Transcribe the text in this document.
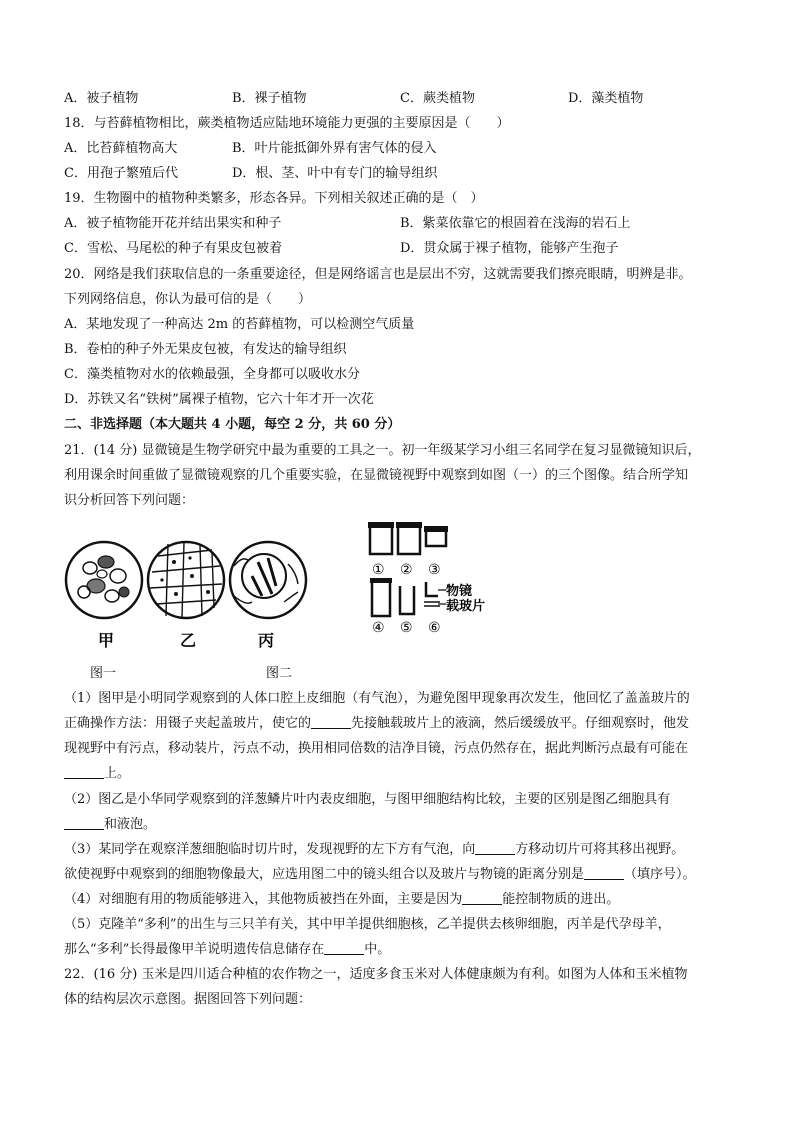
A．被子植物	B．裸子植物	C．蕨类植物	D．藻类植物
18．与苔藓植物相比，蕨类植物适应陆地环境能力更强的主要原因是（　　）
A．比苔藓植物高大	B．叶片能抵御外界有害气体的侵入
C．用孢子繁殖后代	D．根、茎、叶中有专门的输导组织
19．生物圈中的植物种类繁多，形态各异。下列相关叙述正确的是（　）
A．被子植物能开花并结出果实和种子	B．紫菜依靠它的根固着在浅海的岩石上
C．雪松、马尾松的种子有果皮包被着	D．贯众属于裸子植物，能够产生孢子
20．网络是我们获取信息的一条重要途径，但是网络谣言也是层出不穷，这就需要我们擦亮眼睛，明辨是非。
下列网络信息，你认为最可信的是（　　）
A．某地发现了一种高达 2m 的苔藓植物，可以检测空气质量
B．卷柏的种子外无果皮包被，有发达的输导组织
C．藻类植物对水的依赖最强，全身都可以吸收水分
D．苏铁又名“铁树”属裸子植物，它六十年才开一次花
二、非选择题（本大题共 4 小题，每空 2 分，共 60 分）
21．(14 分) 显微镜是生物学研究中最为重要的工具之一。初一年级某学习小组三名同学在复习显微镜知识后，
利用课余时间重做了显微镜观察的几个重要实验，在显微镜视野中观察到如图（一）的三个图像。结合所学知
识分析回答下列问题：
甲	乙	丙
① ② ③
物镜
载玻片
④ ⑤ ⑥
图一	图二
（1）图甲是小明同学观察到的人体口腔上皮细胞（有气泡），为避免图甲现象再次发生，他回忆了盖盖玻片的
正确操作方法：用镊子夹起盖玻片，使它的	先接触载玻片上的液滴，然后缓缓放平。仔细观察时，他发
现视野中有污点，移动装片，污点不动，换用相同倍数的洁净目镜，污点仍然存在，据此判断污点最有可能在
上。
（2）图乙是小华同学观察到的洋葱鳞片叶内表皮细胞，与图甲细胞结构比较，主要的区别是图乙细胞具有
和液泡。
（3）某同学在观察洋葱细胞临时切片时，发现视野的左下方有气泡，向	方移动切片可将其移出视野。
欲使视野中观察到的细胞物像最大，应选用图二中的镜头组合以及玻片与物镜的距离分别是	（填序号）。
（4）对细胞有用的物质能够进入，其他物质被挡在外面，主要是因为	能控制物质的进出。
（5）克隆羊“多利”的出生与三只羊有关，其中甲羊提供细胞核，乙羊提供去核卵细胞，丙羊是代孕母羊，
那么“多利”长得最像甲羊说明遗传信息储存在	中。
22．(16 分) 玉米是四川适合种植的农作物之一，适度多食玉米对人体健康颇为有利。如图为人体和玉米植物
体的结构层次示意图。据图回答下列问题：
